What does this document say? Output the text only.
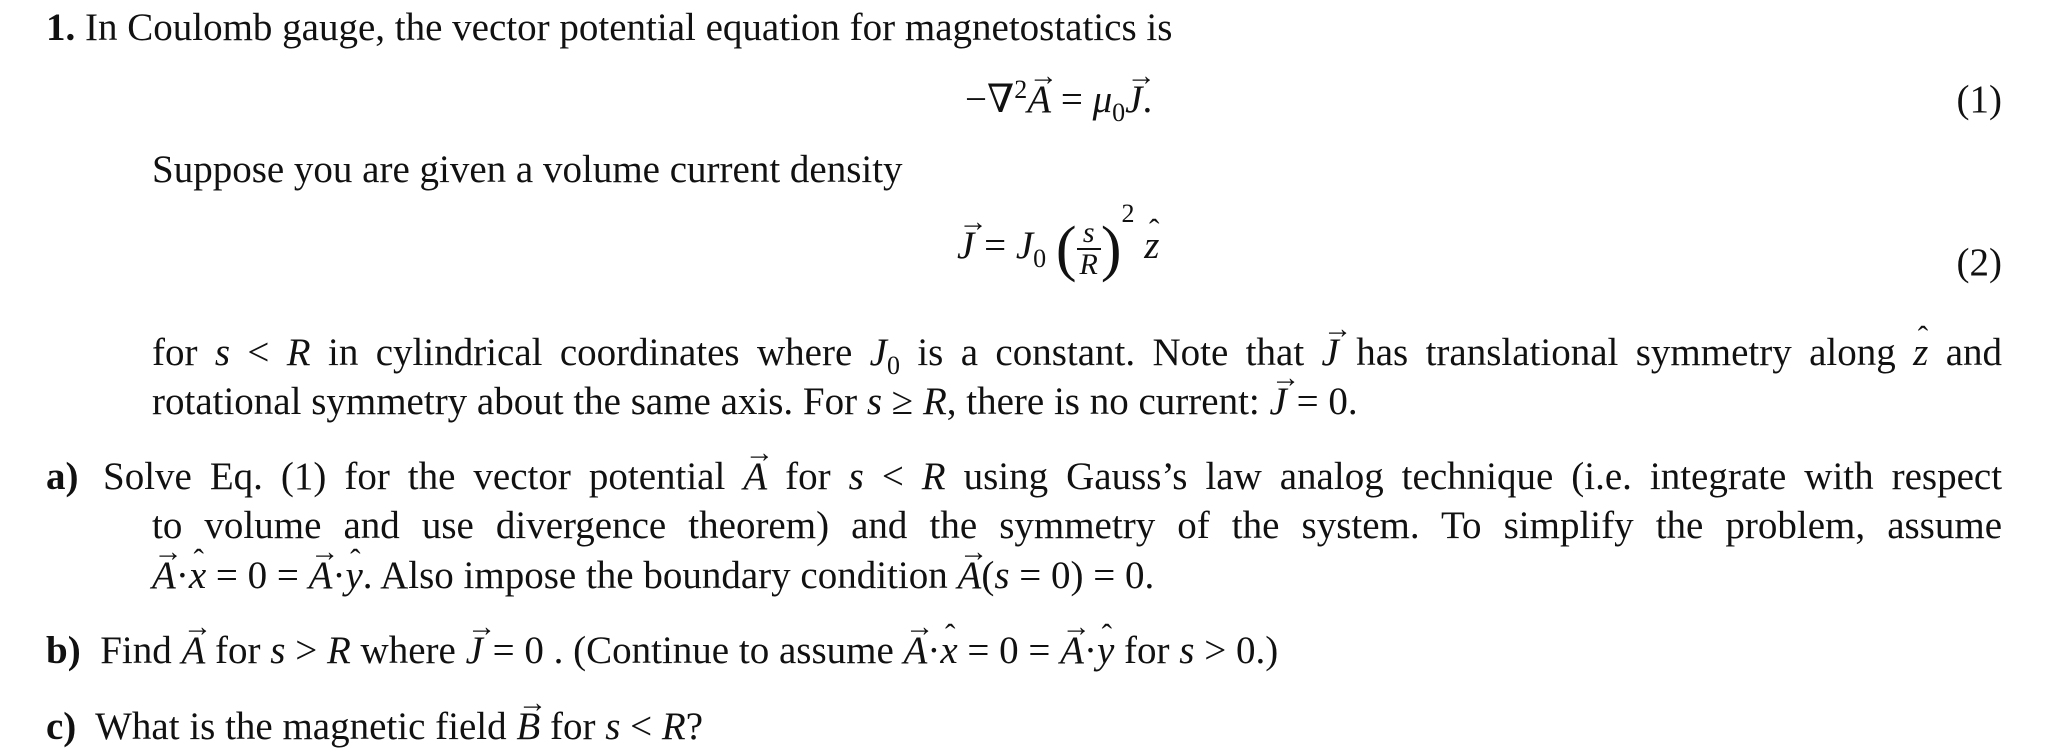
1. In Coulomb gauge, the vector potential equation for magnetostatics is
$-\nabla^2\to A = \mu_0\to J$.	(1)
Suppose you are given a volume current density
→ $J = J_0$ ( $\frac{s}{R} )^2$ ˆ z	(2)
for s < R in cylindrical coordinates where $J_0$ is a constant. Note that → J has translational symmetry along ˆ z and
rotational symmetry about the same axis. For s ≥ R, there is no current: → J = 0.
a) Solve Eq. (1) for the vector potential → A for s < R using Gauss’s law analog technique (i.e. integrate with respect
to volume and use divergence theorem) and the symmetry of the system. To simplify the problem, assume
→ A·ˆ x = 0 = → A·ˆ y. Also impose the boundary condition → A(s = 0) = 0.
b) Find → A for s > R where → J = 0 . (Continue to assume → A·ˆ x = 0 = → A·ˆ y for s > 0.)
c) What is the magnetic field → B for s < R?
